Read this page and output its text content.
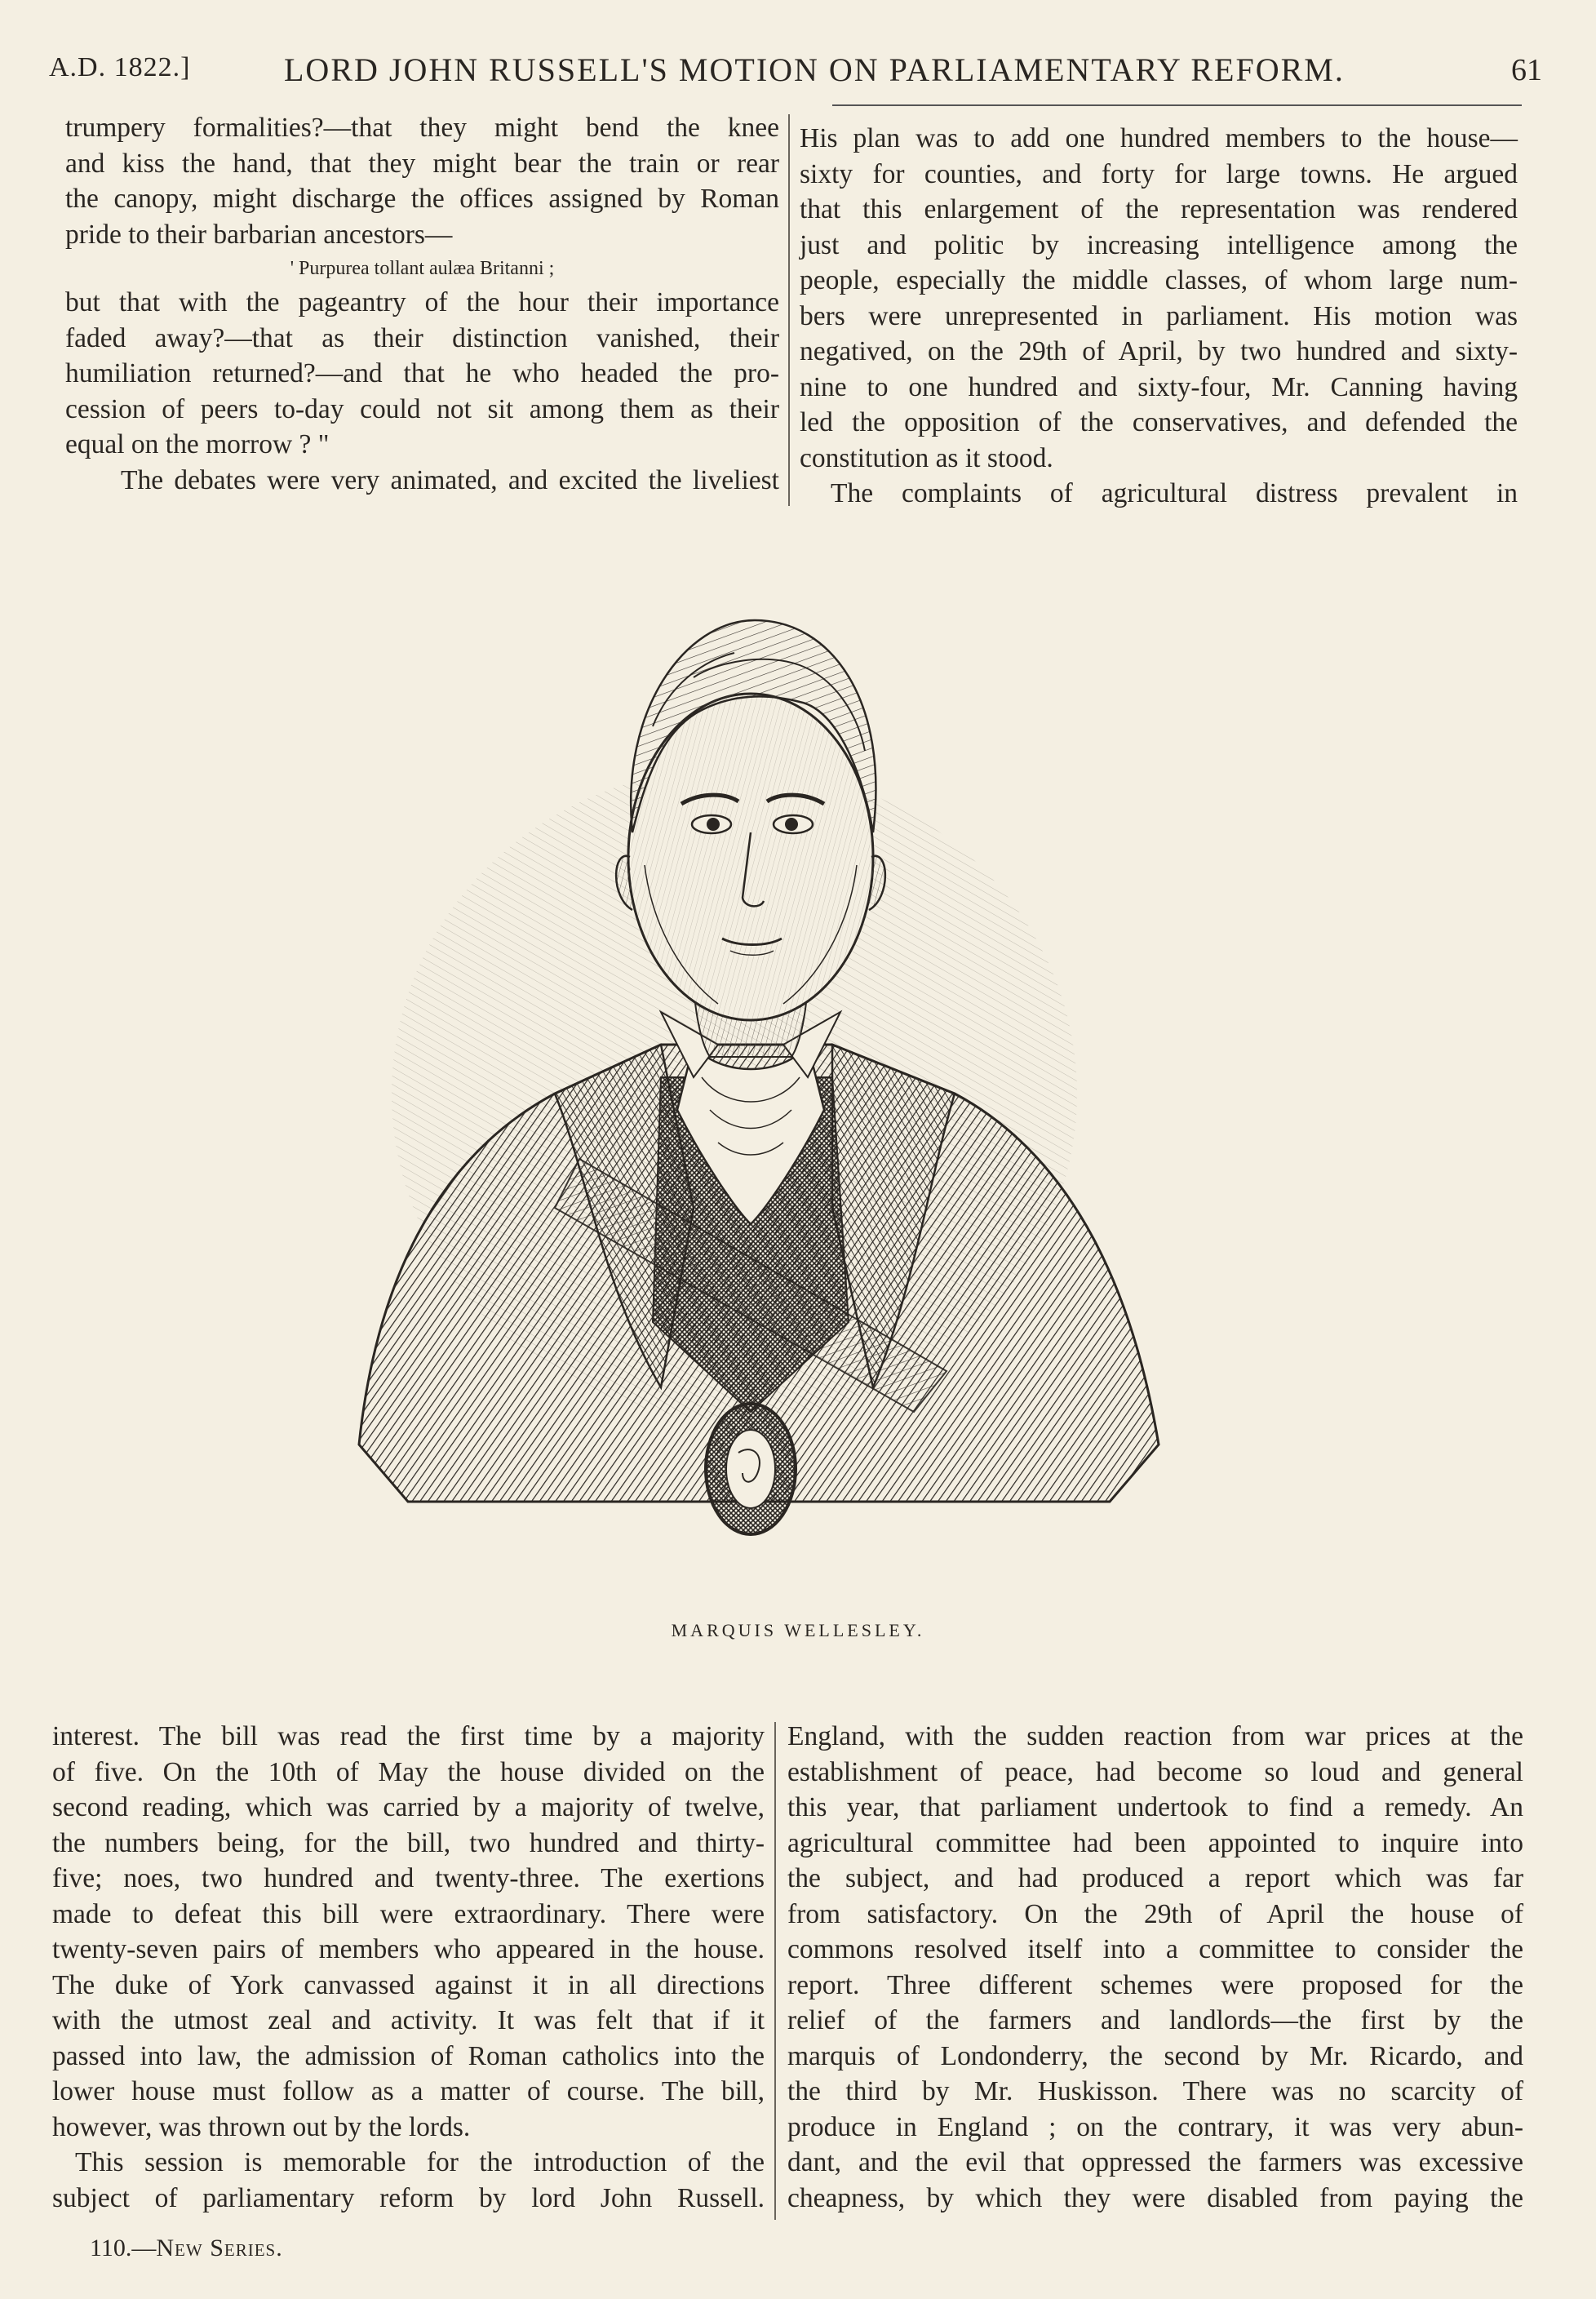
A.D. 1822.]	LORD JOHN RUSSELL'S MOTION ON PARLIAMENTARY REFORM.	61

trumpery formalities?—that they might bend the knee
and kiss the hand, that they might bear the train or rear
the canopy, might discharge the offices assigned by Roman
pride to their barbarian ancestors—
' Purpurea tollant aulæa Britanni ;
but that with the pageantry of the hour their importance
faded away?—that as their distinction vanished, their
humiliation returned?—and that he who headed the pro-
cession of peers to-day could not sit among them as their
equal on the morrow ? "

The debates were very animated, and excited the liveliest

His plan was to add one hundred members to the house—
sixty for counties, and forty for large towns. He argued
that this enlargement of the representation was rendered
just and politic by increasing intelligence among the
people, especially the middle classes, of whom large num-
bers were unrepresented in parliament. His motion was
negatived, on the 29th of April, by two hundred and sixty-
nine to one hundred and sixty-four, Mr. Canning having
led the opposition of the conservatives, and defended the
constitution as it stood.

The complaints of agricultural distress prevalent in

MARQUIS WELLESLEY.

interest. The bill was read the first time by a majority
of five. On the 10th of May the house divided on the
second reading, which was carried by a majority of twelve,
the numbers being, for the bill, two hundred and thirty-
five; noes, two hundred and twenty-three. The exertions
made to defeat this bill were extraordinary. There were
twenty-seven pairs of members who appeared in the house.
The duke of York canvassed against it in all directions
with the utmost zeal and activity. It was felt that if it
passed into law, the admission of Roman catholics into the
lower house must follow as a matter of course. The bill,
however, was thrown out by the lords.

This session is memorable for the introduction of the
subject of parliamentary reform by lord John Russell.

England, with the sudden reaction from war prices at the
establishment of peace, had become so loud and general
this year, that parliament undertook to find a remedy. An
agricultural committee had been appointed to inquire into
the subject, and had produced a report which was far
from satisfactory. On the 29th of April the house of
commons resolved itself into a committee to consider the
report. Three different schemes were proposed for the
relief of the farmers and landlords—the first by the
marquis of Londonderry, the second by Mr. Ricardo, and
the third by Mr. Huskisson. There was no scarcity of
produce in England ; on the contrary, it was very abun-
dant, and the evil that oppressed the farmers was excessive
cheapness, by which they were disabled from paying the

110.—New Series.
